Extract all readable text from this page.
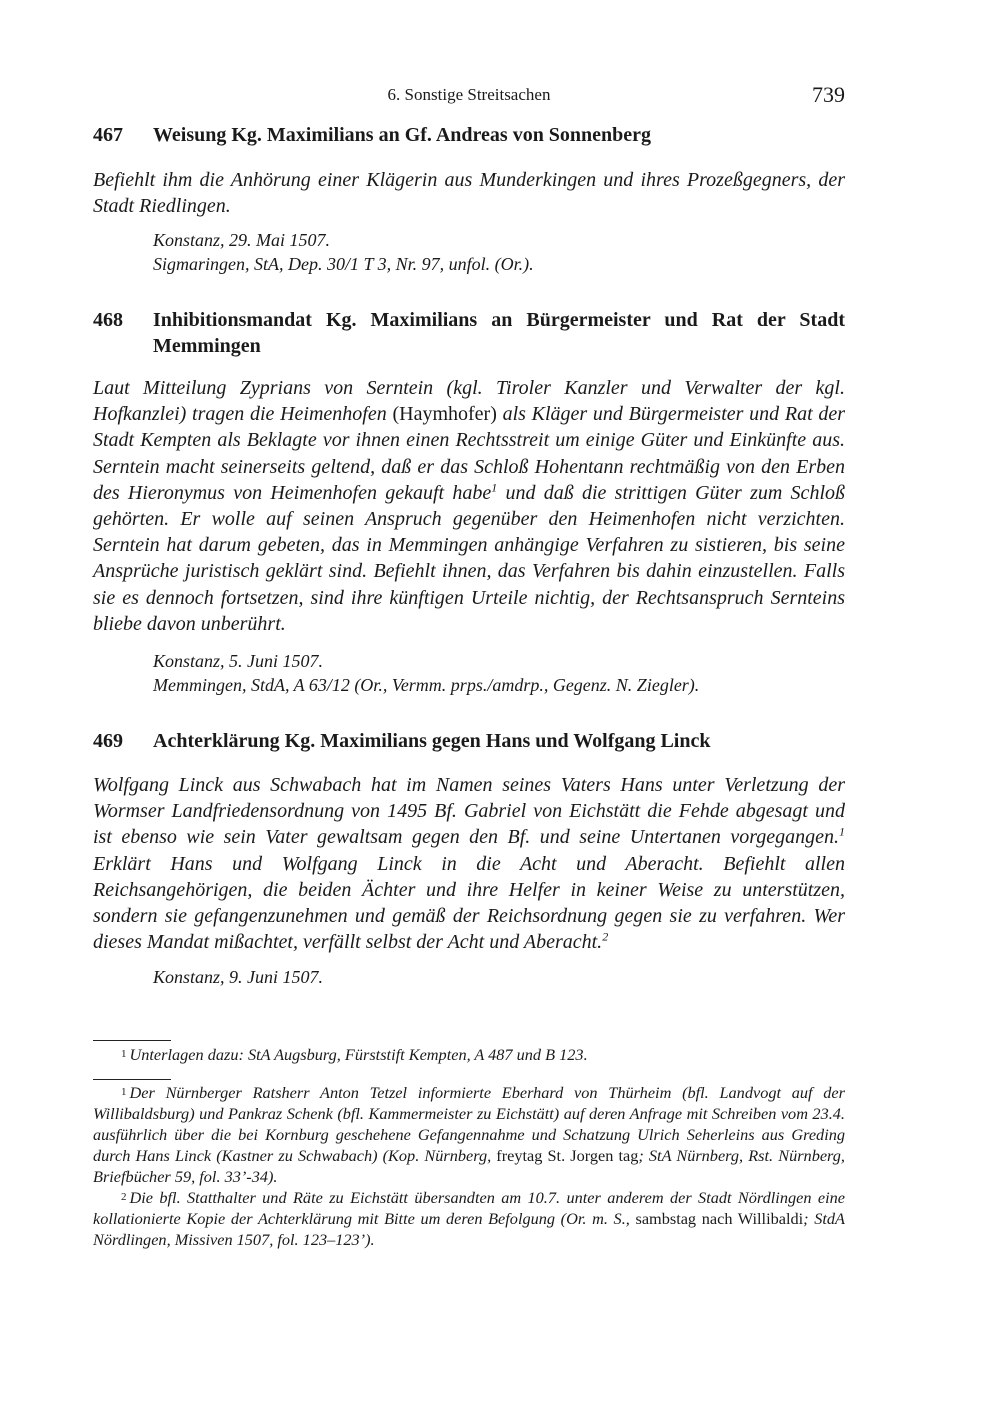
6. Sonstige Streitsachen	739
467	Weisung Kg. Maximilians an Gf. Andreas von Sonnenberg
Befiehlt ihm die Anhörung einer Klägerin aus Munderkingen und ihres Prozeßgegners, der Stadt Riedlingen.
Konstanz, 29. Mai 1507.
Sigmaringen, StA, Dep. 30/1 T 3, Nr. 97, unfol. (Or.).
468	Inhibitionsmandat Kg. Maximilians an Bürgermeister und Rat der Stadt Memmingen
Laut Mitteilung Zyprians von Serntein (kgl. Tiroler Kanzler und Verwalter der kgl. Hofkanzlei) tragen die Heimenhofen (Haymhofer) als Kläger und Bürgermeister und Rat der Stadt Kempten als Beklagte vor ihnen einen Rechtsstreit um einige Güter und Einkünfte aus. Serntein macht seinerseits geltend, daß er das Schloß Hohentann rechtmäßig von den Erben des Hieronymus von Heimenhofen gekauft habe$^1$ und daß die strittigen Güter zum Schloß gehörten. Er wolle auf seinen Anspruch gegenüber den Heimenhofen nicht verzichten. Serntein hat darum gebeten, das in Memmingen anhängige Verfahren zu sistieren, bis seine Ansprüche juristisch geklärt sind. Befiehlt ihnen, das Verfahren bis dahin einzustellen. Falls sie es dennoch fortsetzen, sind ihre künftigen Urteile nichtig, der Rechtsanspruch Sernteins bliebe davon unberührt.
Konstanz, 5. Juni 1507.
Memmingen, StdA, A 63/12 (Or., Vermm. prps./amdrp., Gegenz. N. Ziegler).
469	Achterklärung Kg. Maximilians gegen Hans und Wolfgang Linck
Wolfgang Linck aus Schwabach hat im Namen seines Vaters Hans unter Verletzung der Wormser Landfriedensordnung von 1495 Bf. Gabriel von Eichstätt die Fehde abgesagt und ist ebenso wie sein Vater gewaltsam gegen den Bf. und seine Untertanen vorgegangen.$^1$ Erklärt Hans und Wolfgang Linck in die Acht und Aberacht. Befiehlt allen Reichsangehörigen, die beiden Ächter und ihre Helfer in keiner Weise zu unterstützen, sondern sie gefangenzunehmen und gemäß der Reichsordnung gegen sie zu verfahren. Wer dieses Mandat mißachtet, verfällt selbst der Acht und Aberacht.$^2$
Konstanz, 9. Juni 1507.
1 Unterlagen dazu: StA Augsburg, Fürststift Kempten, A 487 und B 123.
1 Der Nürnberger Ratsherr Anton Tetzel informierte Eberhard von Thürheim (bfl. Landvogt auf der Willibaldsburg) und Pankraz Schenk (bfl. Kammermeister zu Eichstätt) auf deren Anfrage mit Schreiben vom 23.4. ausführlich über die bei Kornburg geschehene Gefangennahme und Schatzung Ulrich Seherleins aus Greding durch Hans Linck (Kastner zu Schwabach) (Kop. Nürnberg, freytag St. Jorgen tag; StA Nürnberg, Rst. Nürnberg, Briefbücher 59, fol. 33’-34).
2 Die bfl. Statthalter und Räte zu Eichstätt übersandten am 10.7. unter anderem der Stadt Nördlingen eine kollationierte Kopie der Achterklärung mit Bitte um deren Befolgung (Or. m. S., sambstag nach Willibaldi; StdA Nördlingen, Missiven 1507, fol. 123–123’).
